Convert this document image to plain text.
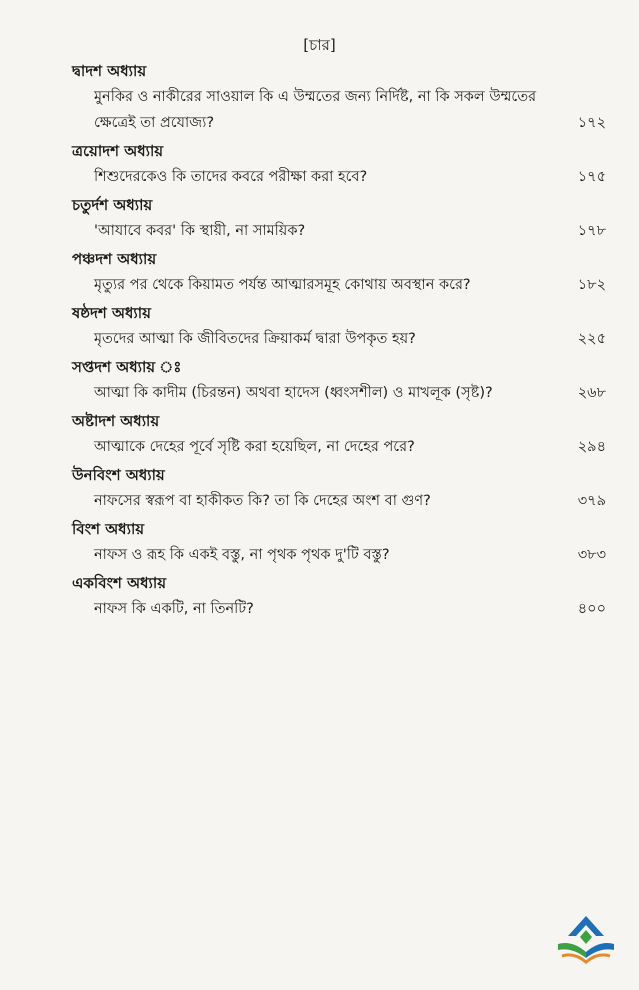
[চার]
দ্বাদশ অধ্যায়
মুনকির ও নাকীরের সাওয়াল কি এ উম্মতের জন্য নির্দিষ্ট, না কি সকল উম্মতের ক্ষেত্রেই তা প্রযোজ্য?	১৭২
ত্রয়োদশ অধ্যায়
শিশুদেরকেও কি তাদের কবরে পরীক্ষা করা হবে?	১৭৫
চতুর্দশ অধ্যায়
'আযাবে কবর' কি স্থায়ী, না সাময়িক?	১৭৮
পঞ্চদশ অধ্যায়
মৃত্যুর পর থেকে কিয়ামত পর্যন্ত আত্মারসমূহ কোথায় অবস্থান করে?	১৮২
ষষ্ঠদশ অধ্যায়
মৃতদের আত্মা কি জীবিতদের ক্রিয়াকর্ম দ্বারা উপকৃত হয়?	২২৫
সপ্তদশ অধ্যায় ঃ
আত্মা কি কাদীম (চিরন্তন) অথবা হাদেস (ধ্বংসশীল) ও মাখলূক (সৃষ্ট)?	২৬৮
অষ্টাদশ অধ্যায়
আত্মাকে দেহের পূর্বে সৃষ্টি করা হয়েছিল, না দেহের পরে?	২৯৪
উনবিংশ অধ্যায়
নাফসের স্বরূপ বা হাকীকত কি? তা কি দেহের অংশ বা গুণ?	৩৭৯
বিংশ অধ্যায়
নাফস ও রূহ কি একই বস্তু, না পৃথক পৃথক দু'টি বস্তু?	৩৮৩
একবিংশ অধ্যায়
নাফস কি একটি, না তিনটি?	৪০০
